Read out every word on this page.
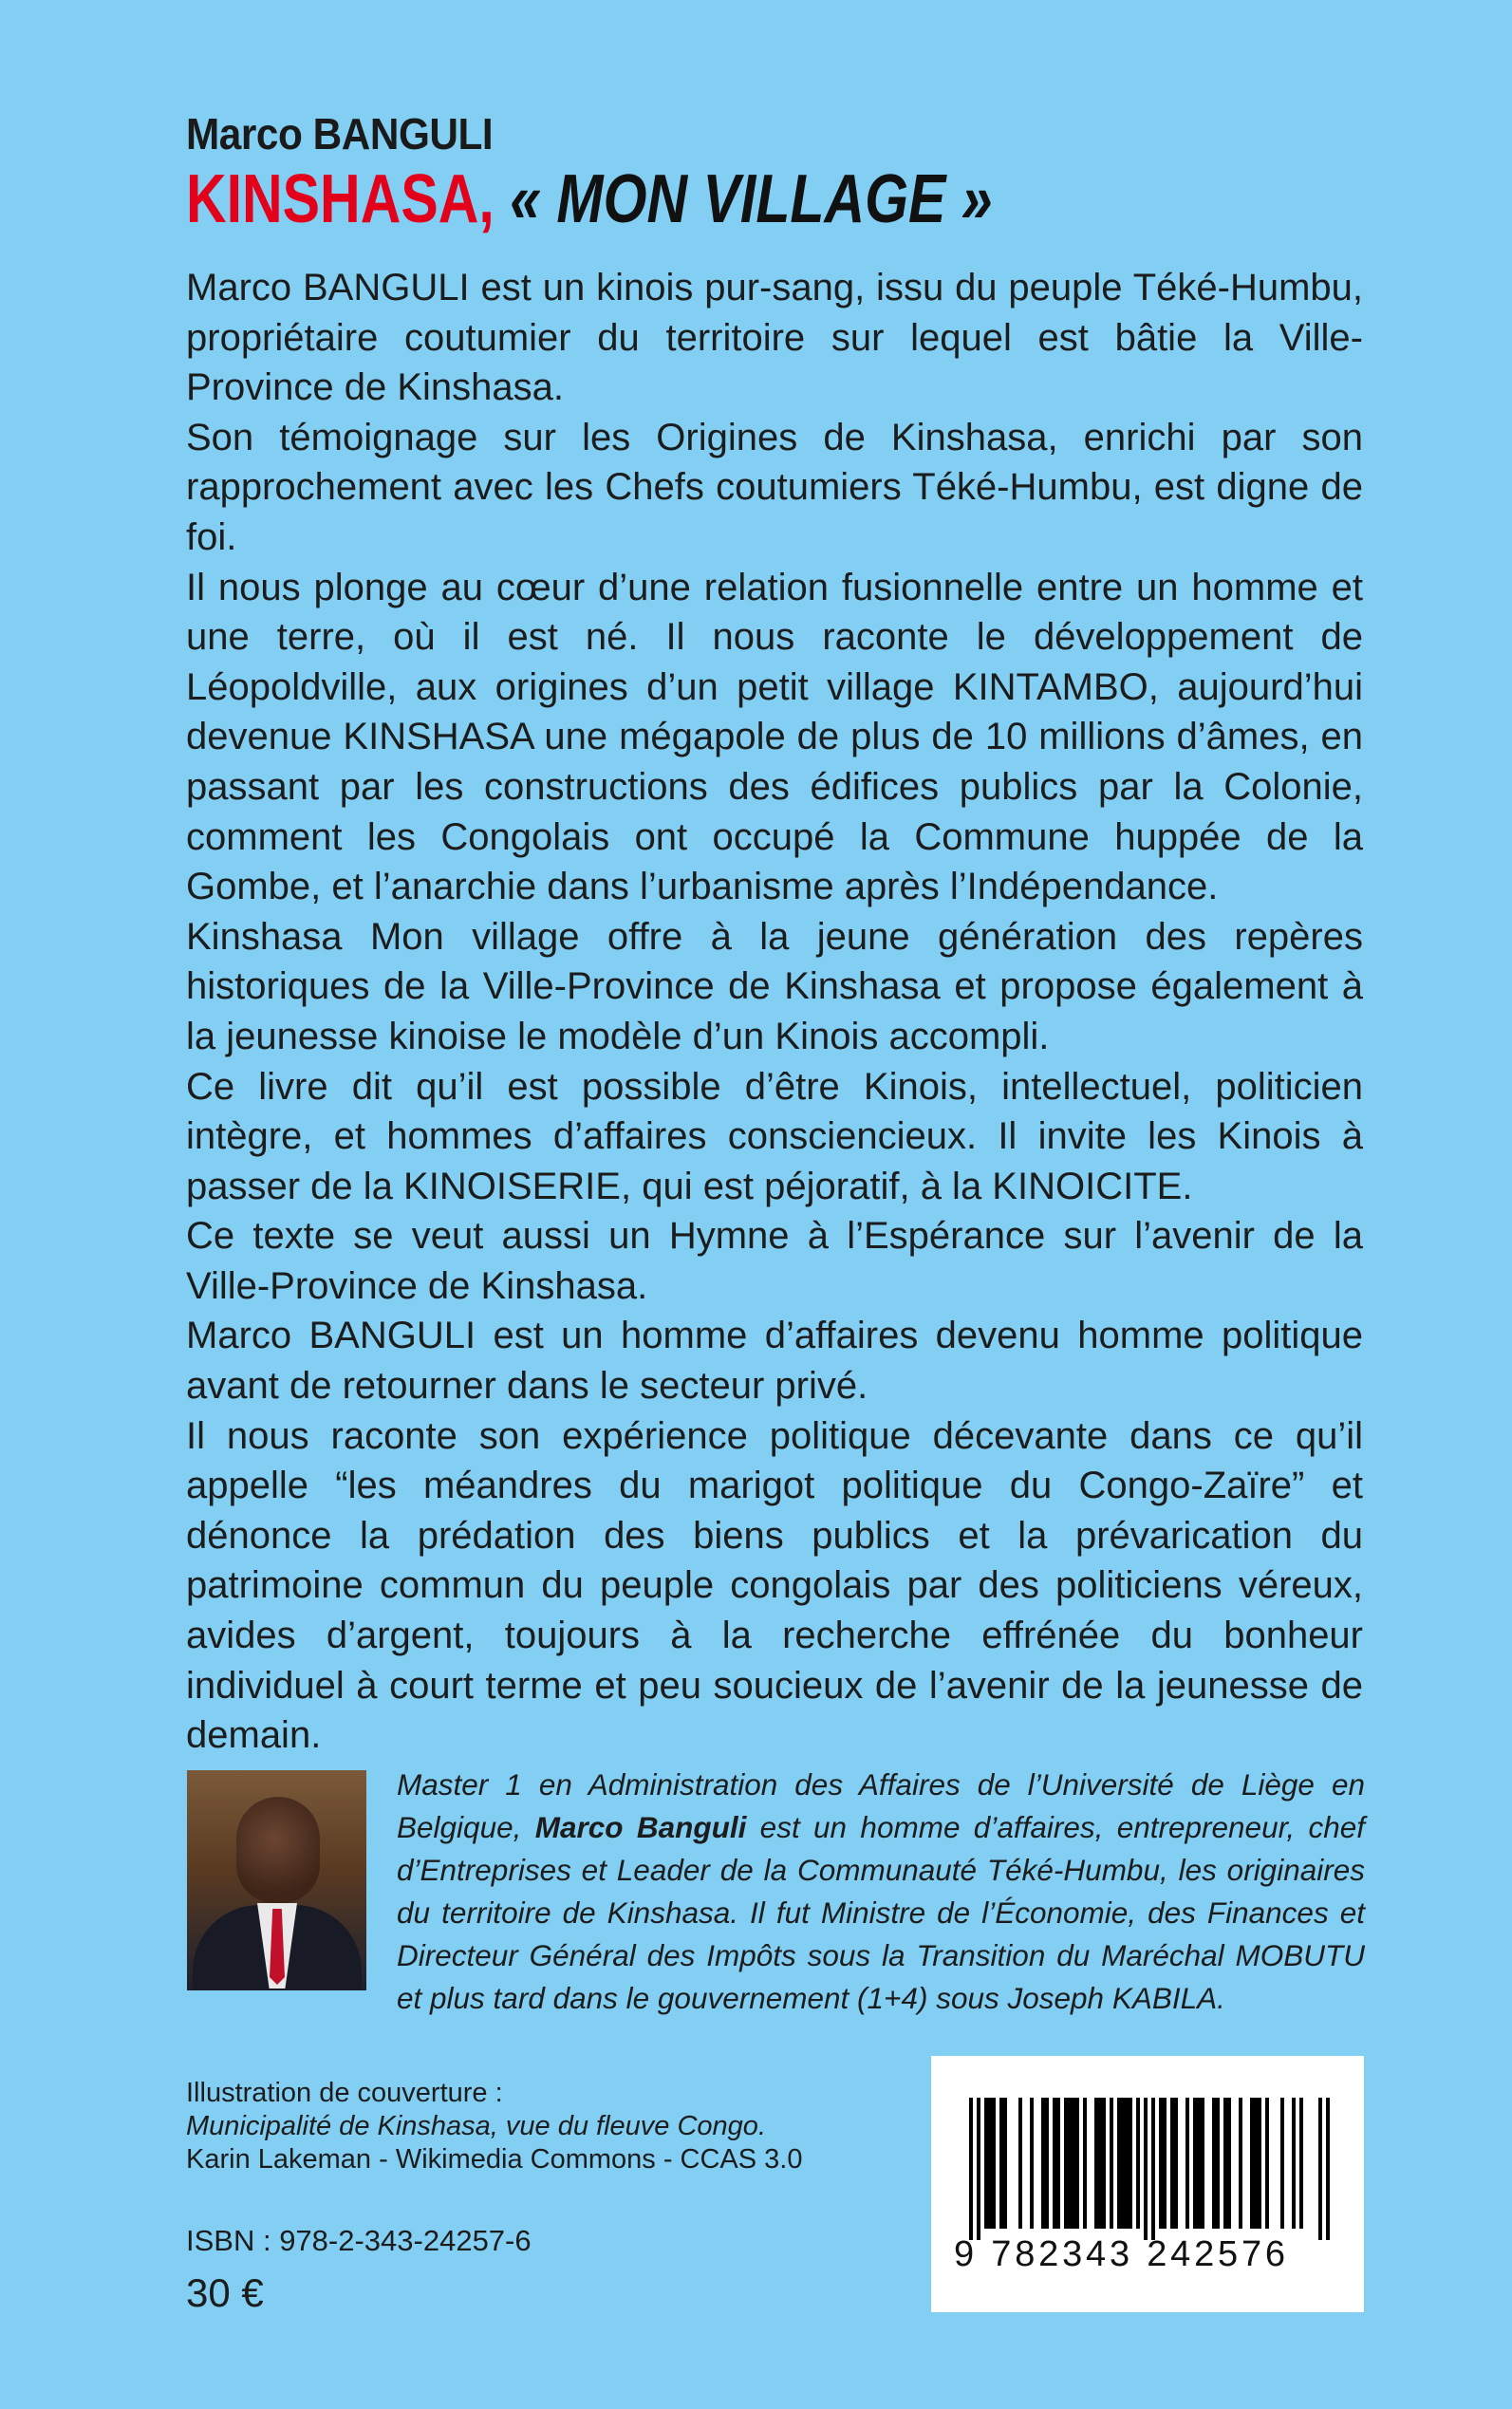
Marco BANGULI
KINSHASA, « MON VILLAGE »

Marco BANGULI est un kinois pur-sang, issu du peuple Téké-Humbu, propriétaire coutumier du territoire sur lequel est bâtie la Ville-Province de Kinshasa.

Son témoignage sur les Origines de Kinshasa, enrichi par son rapprochement avec les Chefs coutumiers Téké-Humbu, est digne de foi.

Il nous plonge au cœur d’une relation fusionnelle entre un homme et une terre, où il est né. Il nous raconte le développement de Léopoldville, aux origines d’un petit village KINTAMBO, aujourd’hui devenue KINSHASA une mégapole de plus de 10 millions d’âmes, en passant par les constructions des édifices publics par la Colonie, comment les Congolais ont occupé la Commune huppée de la Gombe, et l’anarchie dans l’urbanisme après l’Indépendance.

Kinshasa Mon village offre à la jeune génération des repères historiques de la Ville-Province de Kinshasa et propose également à la jeunesse kinoise le modèle d’un Kinois accompli.

Ce livre dit qu’il est possible d’être Kinois, intellectuel, politicien intègre, et hommes d’affaires consciencieux. Il invite les Kinois à passer de la KINOISERIE, qui est péjoratif, à la KINOICITE.

Ce texte se veut aussi un Hymne à l’Espérance sur l’avenir de la Ville-Province de Kinshasa.

Marco BANGULI est un homme d’affaires devenu homme politique avant de retourner dans le secteur privé.

Il nous raconte son expérience politique décevante dans ce qu’il appelle “les méandres du marigot politique du Congo-Zaïre” et dénonce la prédation des biens publics et la prévarication du patrimoine commun du peuple congolais par des politiciens véreux, avides d’argent, toujours à la recherche effrénée du bonheur individuel à court terme et peu soucieux de l’avenir de la jeunesse de demain.

Master 1 en Administration des Affaires de l’Université de Liège en Belgique, Marco Banguli est un homme d’affaires, entrepreneur, chef d’Entreprises et Leader de la Communauté Téké-Humbu, les originaires du territoire de Kinshasa. Il fut Ministre de l’Économie, des Finances et Directeur Général des Impôts sous la Transition du Maréchal MOBUTU et plus tard dans le gouvernement (1+4) sous Joseph KABILA.

Illustration de couverture :
Municipalité de Kinshasa, vue du fleuve Congo.
Karin Lakeman - Wikimedia Commons - CCAS 3.0
ISBN : 978-2-343-24257-6
30 €
9 782343 242576
